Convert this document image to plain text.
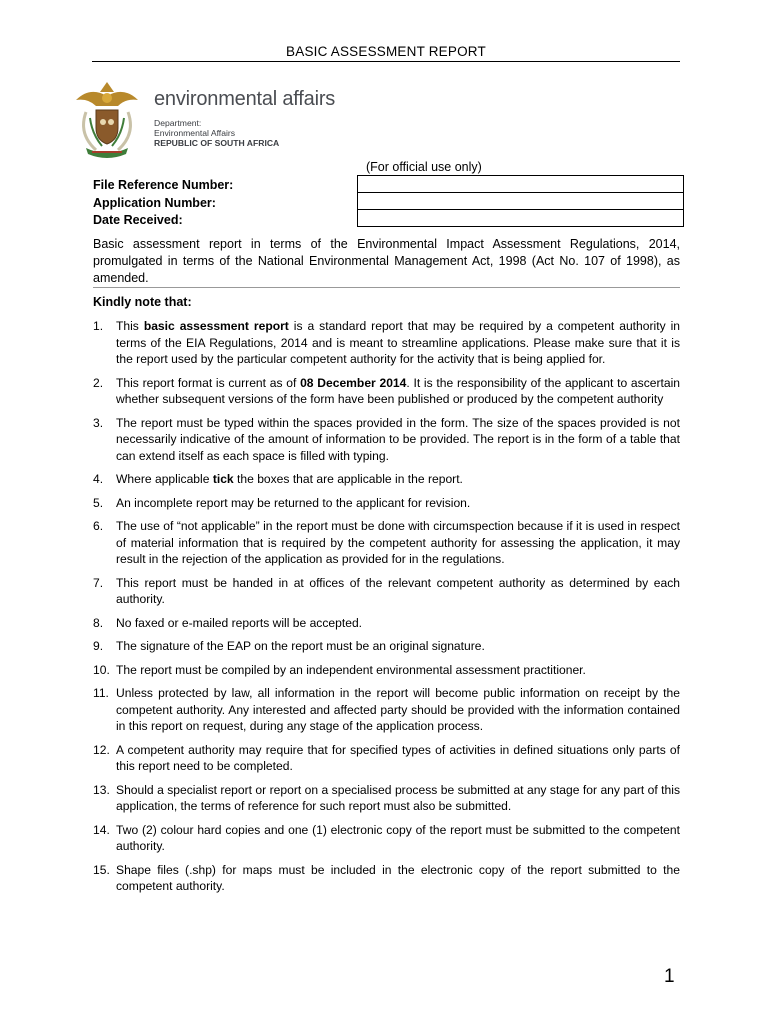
BASIC ASSESSMENT REPORT
environmental affairs
Department:
Environmental Affairs
REPUBLIC OF SOUTH AFRICA
(For official use only)
File Reference Number:
Application Number:
Date Received:

Basic assessment report in terms of the Environmental Impact Assessment Regulations, 2014, promulgated in terms of the National Environmental Management Act, 1998 (Act No. 107 of 1998), as amended.
Kindly note that:
1. This basic assessment report is a standard report that may be required by a competent authority in terms of the EIA Regulations, 2014 and is meant to streamline applications. Please make sure that it is the report used by the particular competent authority for the activity that is being applied for.
2. This report format is current as of 08 December 2014. It is the responsibility of the applicant to ascertain whether subsequent versions of the form have been published or produced by the competent authority
3. The report must be typed within the spaces provided in the form. The size of the spaces provided is not necessarily indicative of the amount of information to be provided. The report is in the form of a table that can extend itself as each space is filled with typing.
4. Where applicable tick the boxes that are applicable in the report.
5. An incomplete report may be returned to the applicant for revision.
6. The use of “not applicable” in the report must be done with circumspection because if it is used in respect of material information that is required by the competent authority for assessing the application, it may result in the rejection of the application as provided for in the regulations.
7. This report must be handed in at offices of the relevant competent authority as determined by each authority.
8. No faxed or e-mailed reports will be accepted.
9. The signature of the EAP on the report must be an original signature.
10. The report must be compiled by an independent environmental assessment practitioner.
11. Unless protected by law, all information in the report will become public information on receipt by the competent authority. Any interested and affected party should be provided with the information contained in this report on request, during any stage of the application process.
12. A competent authority may require that for specified types of activities in defined situations only parts of this report need to be completed.
13. Should a specialist report or report on a specialised process be submitted at any stage for any part of this application, the terms of reference for such report must also be submitted.
14. Two (2) colour hard copies and one (1) electronic copy of the report must be submitted to the competent authority.
15. Shape files (.shp) for maps must be included in the electronic copy of the report submitted to the competent authority.
1
